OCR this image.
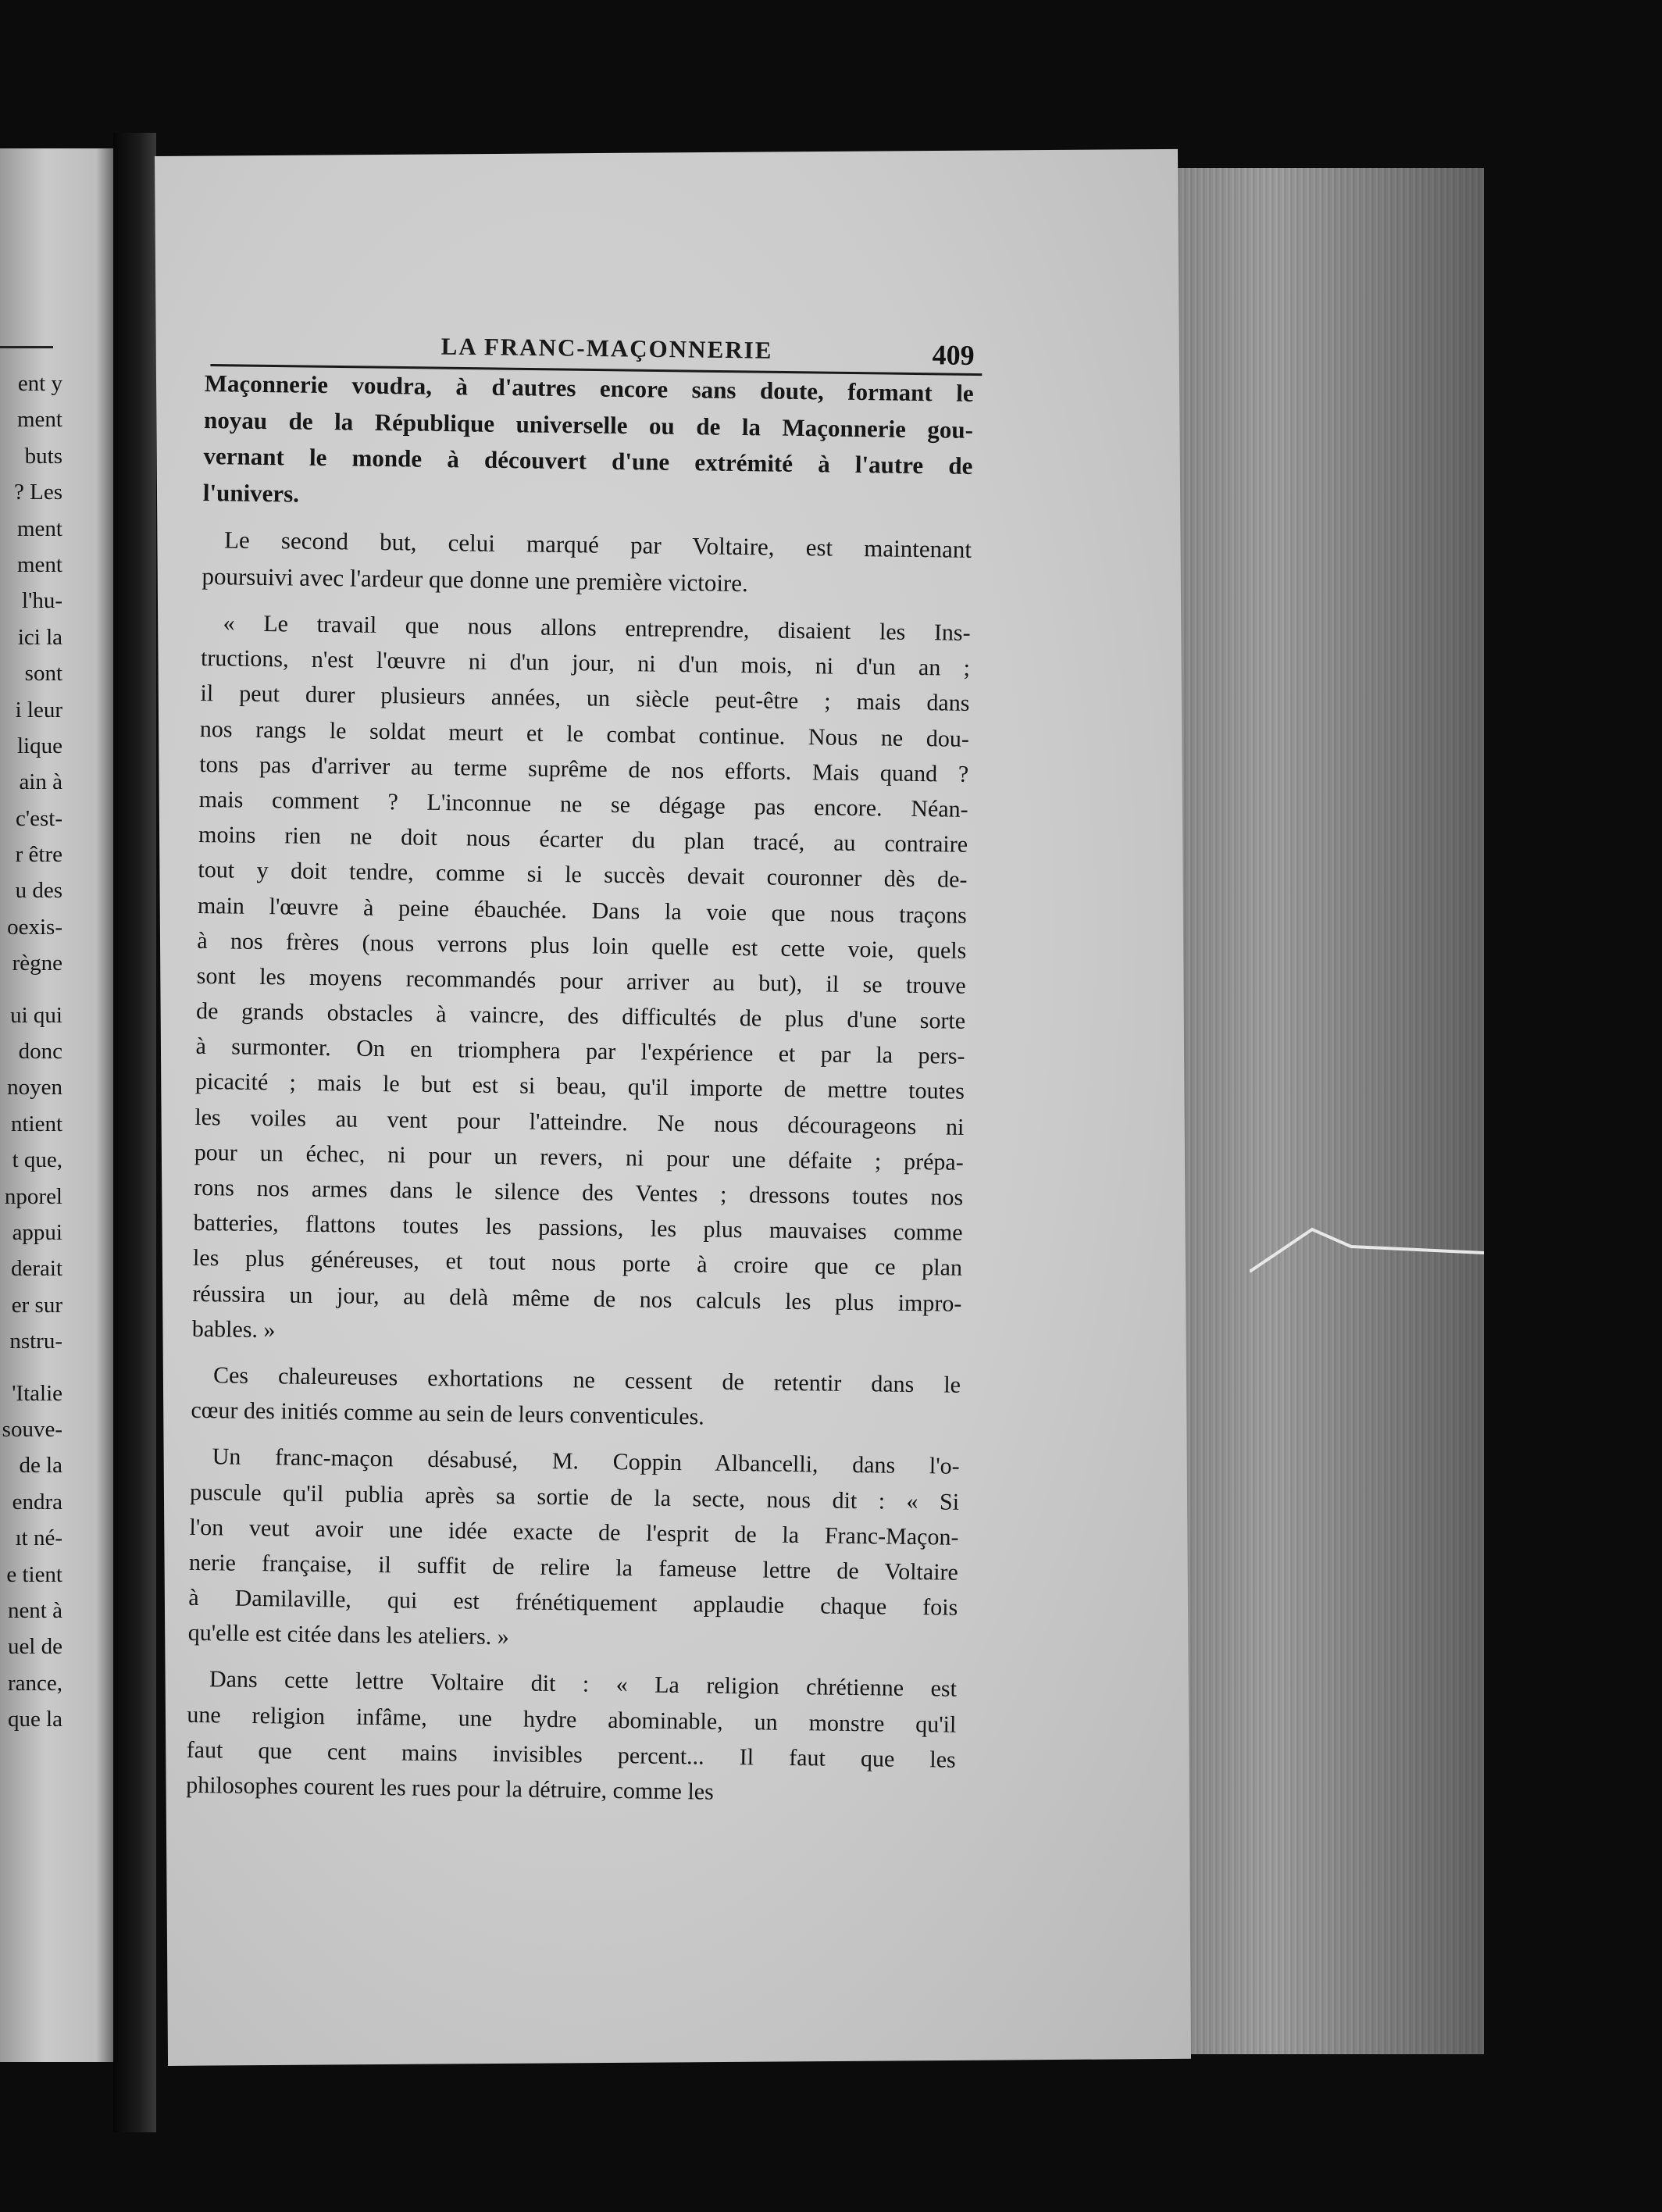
ent y
ment
buts
? Les
ment
ment
l'hu-
ici la
sont
i leur
lique
ain à
c'est-
r être
u des
oexis-
règne
ui qui
donc
noyen
ntient
t que,
nporel
appui
derait
er sur
nstru-
'Italie
souve-
de la
endra
ıt né-
e tient
nent à
uel de
rance,
que la
LA FRANC-MAÇONNERIE	409
Maçonnerie voudra, à d'autres encore sans doute, formant le
noyau de la République universelle ou de la Maçonnerie gou-
vernant le monde à découvert d'une extrémité à l'autre de
l'univers.
Le second but, celui marqué par Voltaire, est maintenant
poursuivi avec l'ardeur que donne une première victoire.
« Le travail que nous allons entreprendre, disaient les Ins-
tructions, n'est l'œuvre ni d'un jour, ni d'un mois, ni d'un an ;
il peut durer plusieurs années, un siècle peut-être ; mais dans
nos rangs le soldat meurt et le combat continue. Nous ne dou-
tons pas d'arriver au terme suprême de nos efforts. Mais quand ?
mais comment ? L'inconnue ne se dégage pas encore. Néan-
moins rien ne doit nous écarter du plan tracé, au contraire
tout y doit tendre, comme si le succès devait couronner dès de-
main l'œuvre à peine ébauchée. Dans la voie que nous traçons
à nos frères (nous verrons plus loin quelle est cette voie, quels
sont les moyens recommandés pour arriver au but), il se trouve
de grands obstacles à vaincre, des difficultés de plus d'une sorte
à surmonter. On en triomphera par l'expérience et par la pers-
picacité ; mais le but est si beau, qu'il importe de mettre toutes
les voiles au vent pour l'atteindre. Ne nous décourageons ni
pour un échec, ni pour un revers, ni pour une défaite ; prépa-
rons nos armes dans le silence des Ventes ; dressons toutes nos
batteries, flattons toutes les passions, les plus mauvaises comme
les plus généreuses, et tout nous porte à croire que ce plan
réussira un jour, au delà même de nos calculs les plus impro-
bables. »
Ces chaleureuses exhortations ne cessent de retentir dans le
cœur des initiés comme au sein de leurs conventicules.
Un franc-maçon désabusé, M. Coppin Albancelli, dans l'o-
puscule qu'il publia après sa sortie de la secte, nous dit : « Si
l'on veut avoir une idée exacte de l'esprit de la Franc-Maçon-
nerie française, il suffit de relire la fameuse lettre de Voltaire
à Damilaville, qui est frénétiquement applaudie chaque fois
qu'elle est citée dans les ateliers. »
Dans cette lettre Voltaire dit : « La religion chrétienne est
une religion infâme, une hydre abominable, un monstre qu'il
faut que cent mains invisibles percent... Il faut que les
philosophes courent les rues pour la détruire, comme les
